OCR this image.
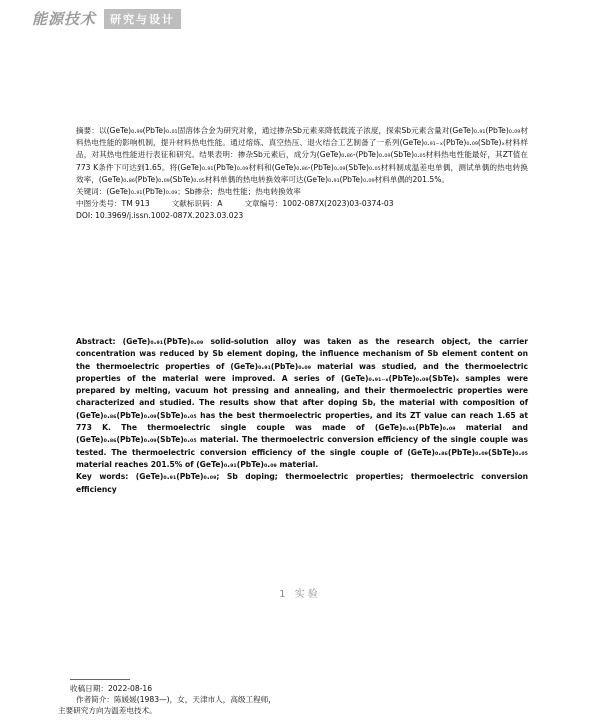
能源技术	研究与设计

摘要：以(GeTe)₀.₉₉(PbTe)₀.₀₁固溶体合金为研究对象，通过掺杂Sb元素来降低载流子浓度，探索Sb元素含量对(GeTe)₀.₉₁(PbTe)₀.₀₉材料热电性能的影响机制，提升材料热电性能。通过熔炼、真空热压、退火结合工艺制备了一系列(GeTe)₀.₉₁₋ₓ(PbTe)₀.₀₉(SbTe)ₓ材料样品，对其热电性能进行表征和研究。结果表明：掺杂Sb元素后，成分为(GeTe)₀.₈₆-(PbTe)₀.₀₉(SbTe)₀.₀₅材料热电性能最好，其ZT值在773 K条件下可达到1.65。将(GeTe)₀.₉₁(PbTe)₀.₀₉材料和(GeTe)₀.₈₆-(PbTe)₀.₀₉(SbTe)₀.₀₅材料制成温差电单偶，测试单偶的热电转换效率，(GeTe)₀.₈₆(PbTe)₀.₀₉(SbTe)₀.₀₅材料单偶的热电转换效率可达(GeTe)₀.₉₁(PbTe)₀.₀₉材料单偶的201.5%。

关键词：(GeTe)₀.₉₁(PbTe)₀.₀₉；Sb掺杂；热电性能；热电转换效率

中图分类号：TM 913	文献标识码：A	文章编号：1002-087X(2023)03-0374-03

DOI: 10.3969/j.issn.1002-087X.2023.03.023

Abstract: (GeTe)₀.₉₁(PbTe)₀.₀₉ solid-solution alloy was taken as the research object, the carrier concentration was reduced by Sb element doping, the influence mechanism of Sb element content on the thermoelectric properties of (GeTe)₀.₉₁(PbTe)₀.₀₉ material was studied, and the thermoelectric properties of the material were improved. A series of (GeTe)₀.₉₁₋ₓ(PbTe)₀.₀₉(SbTe)ₓ samples were prepared by melting, vacuum hot pressing and annealing, and their thermoelectric properties were characterized and studied. The results show that after doping Sb, the material with composition of (GeTe)₀.₈₆(PbTe)₀.₀₉(SbTe)₀.₀₅ has the best thermoelectric properties, and its ZT value can reach 1.65 at 773 K. The thermoelectric single couple was made of (GeTe)₀.₉₁(PbTe)₀.₀₉ material and (GeTe)₀.₈₆(PbTe)₀.₀₉(SbTe)₀.₀₅ material. The thermoelectric conversion efficiency of the single couple was tested. The thermoelectric conversion efficiency of the single couple of (GeTe)₀.₈₆(PbTe)₀.₀₉(SbTe)₀.₀₅ material reaches 201.5% of (GeTe)₀.₉₁(PbTe)₀.₀₉ material.

Key words: (GeTe)₀.₉₁(PbTe)₀.₀₉; Sb doping; thermoelectric properties; thermoelectric conversion efficiency

1 实验
收稿日期：2022-08-16
作者简介：陈媛媛(1983—)，女，天津市人，高级工程师，
主要研究方向为温差电技术。
